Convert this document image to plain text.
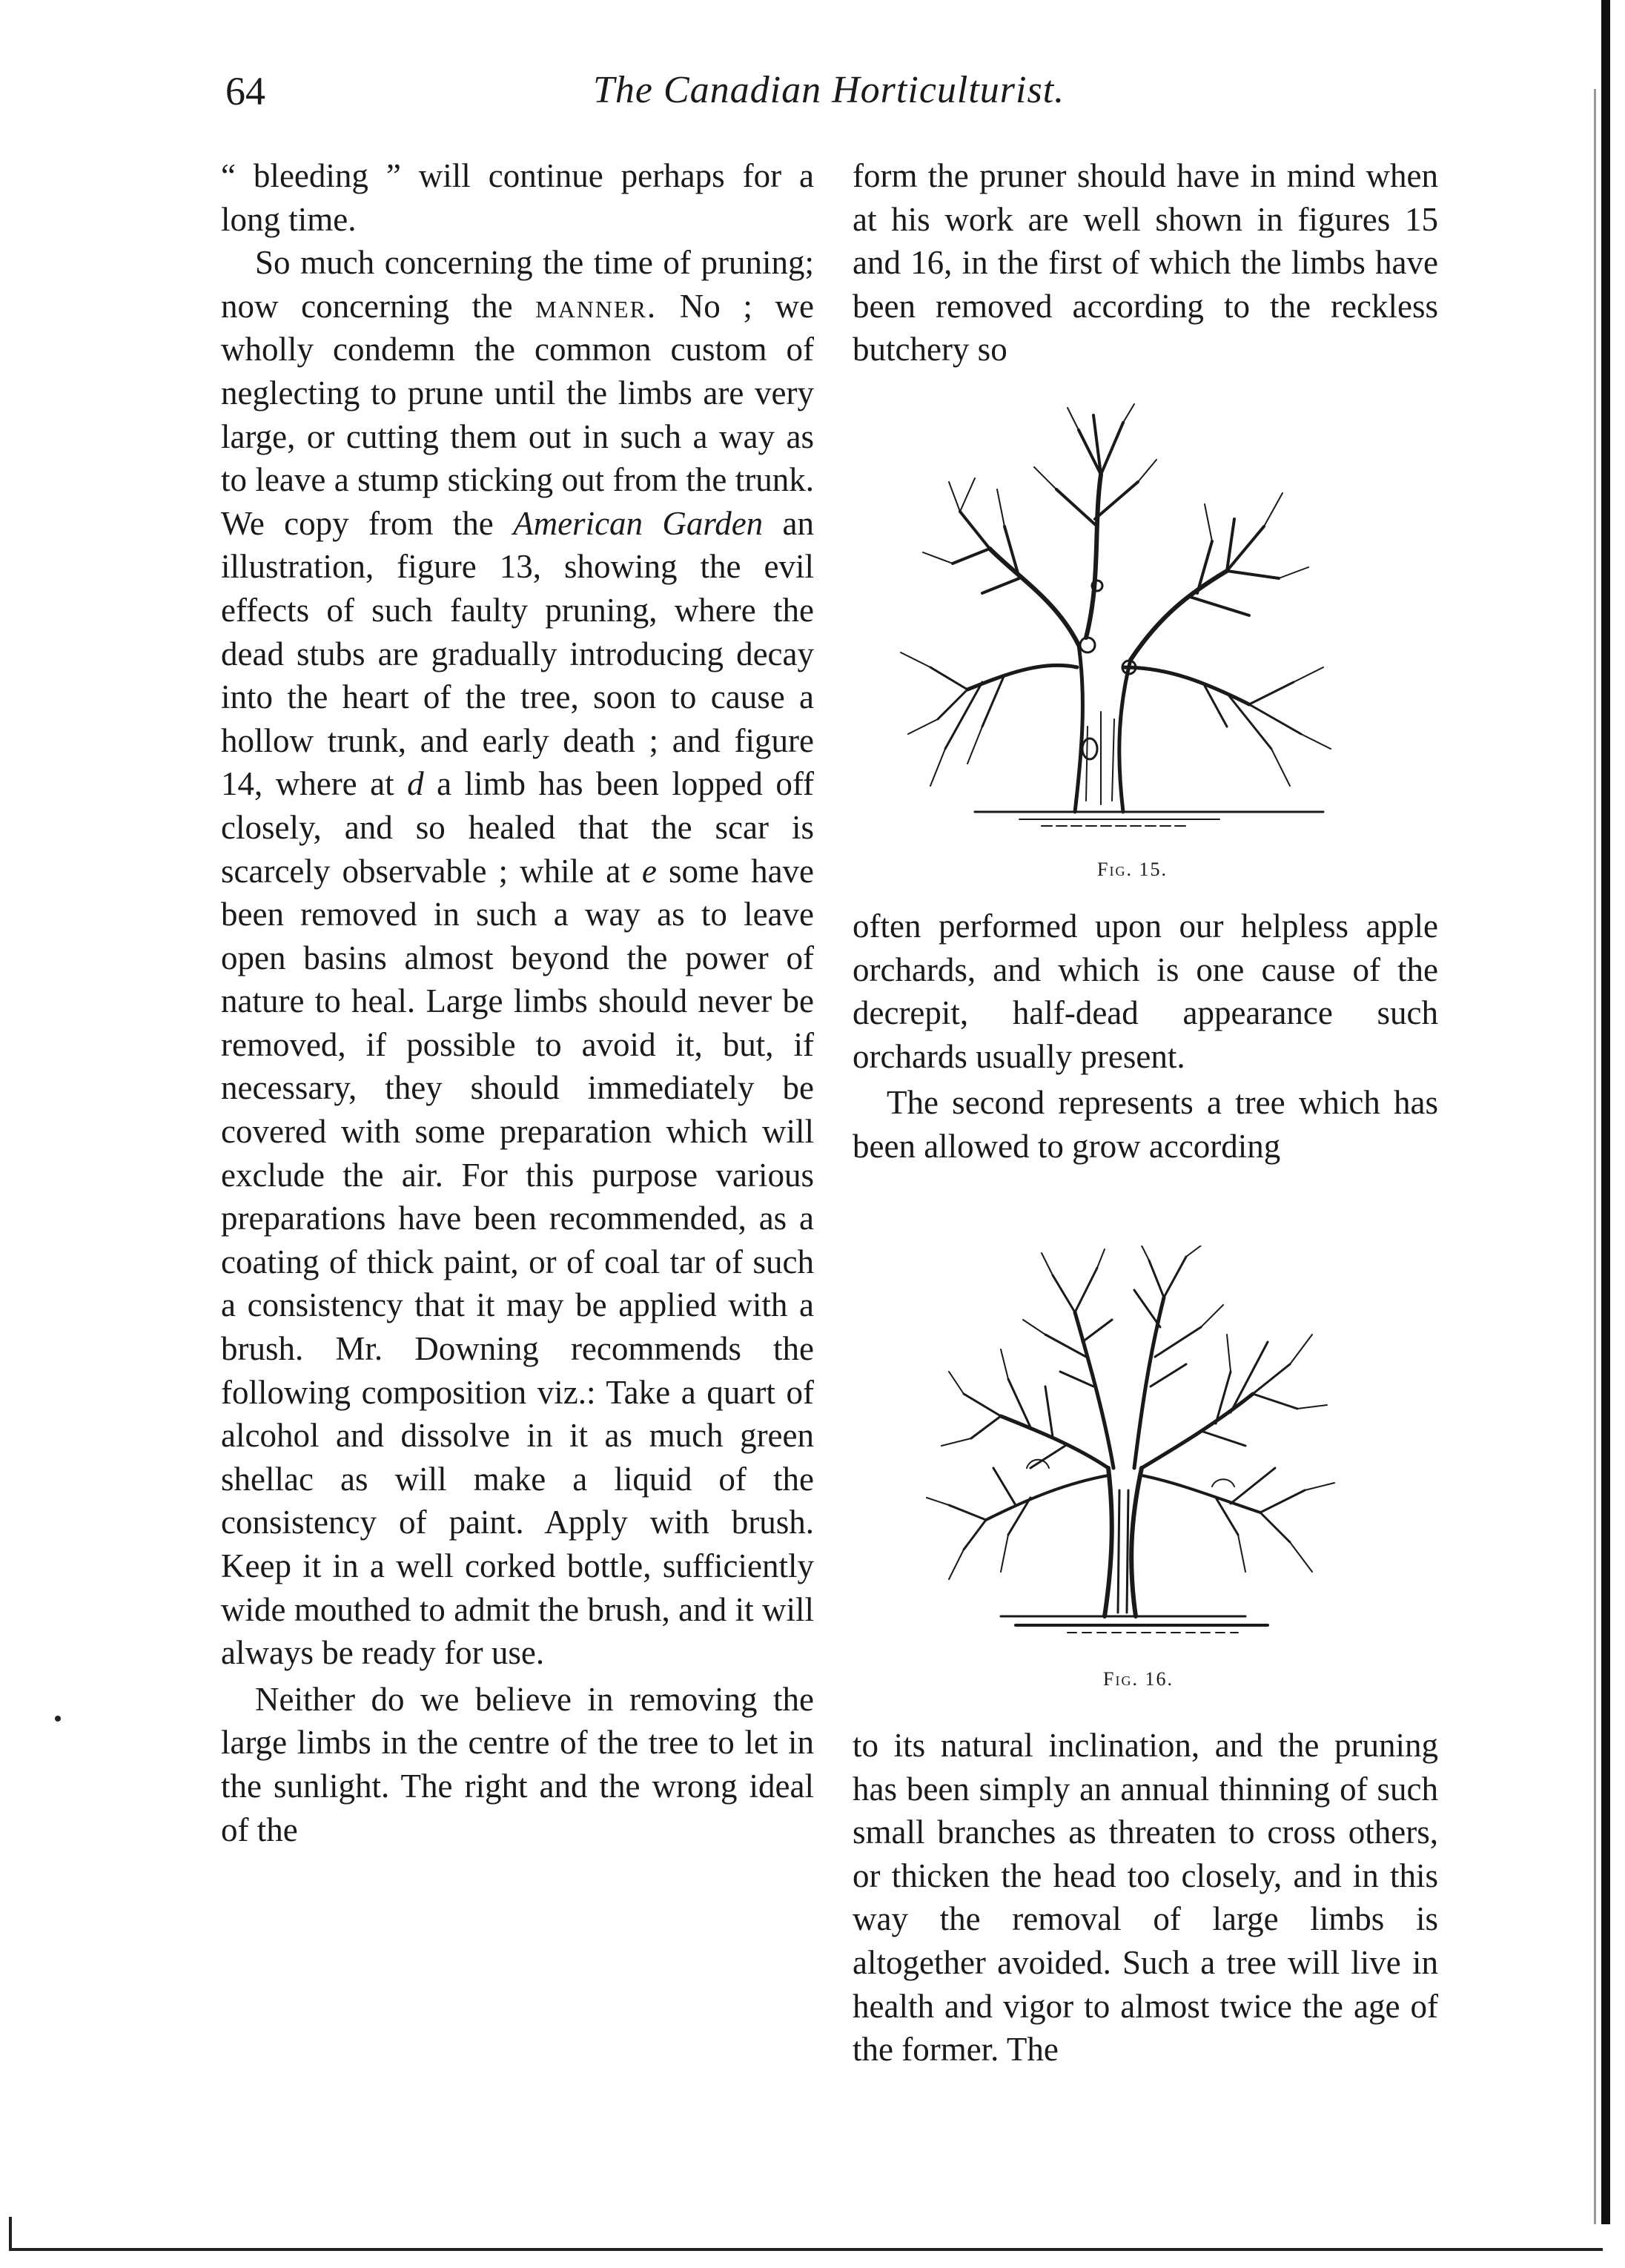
64	The Canadian Horticulturist.

“ bleeding ” will continue perhaps for a long time.

So much concerning the time of pruning; now concerning the manner. No ; we wholly condemn the common custom of neglecting to prune until the limbs are very large, or cutting them out in such a way as to leave a stump sticking out from the trunk. We copy from the American Garden an illustration, figure 13, showing the evil effects of such faulty pruning, where the dead stubs are gradually introducing decay into the heart of the tree, soon to cause a hollow trunk, and early death ; and figure 14, where at d a limb has been lopped off closely, and so healed that the scar is scarcely observable ; while at e some have been removed in such a way as to leave open basins almost beyond the power of nature to heal. Large limbs should never be removed, if possible to avoid it, but, if necessary, they should immediately be covered with some preparation which will exclude the air. For this purpose various preparations have been recommended, as a coating of thick paint, or of coal tar of such a consistency that it may be applied with a brush. Mr. Downing recommends the following composition viz.: Take a quart of alcohol and dissolve in it as much green shellac as will make a liquid of the consistency of paint. Apply with brush. Keep it in a well corked bottle, sufficiently wide mouthed to admit the brush, and it will always be ready for use.

Neither do we believe in removing the large limbs in the centre of the tree to let in the sunlight. The right and the wrong ideal of the

form the pruner should have in mind when at his work are well shown in figures 15 and 16, in the first of which the limbs have been removed according to the reckless butchery so

Fig. 15.

often performed upon our helpless apple orchards, and which is one cause of the decrepit, half-dead appearance such orchards usually present.

The second represents a tree which has been allowed to grow according

Fig. 16.

to its natural inclination, and the pruning has been simply an annual thinning of such small branches as threaten to cross others, or thicken the head too closely, and in this way the removal of large limbs is altogether avoided. Such a tree will live in health and vigor to almost twice the age of the former. The
